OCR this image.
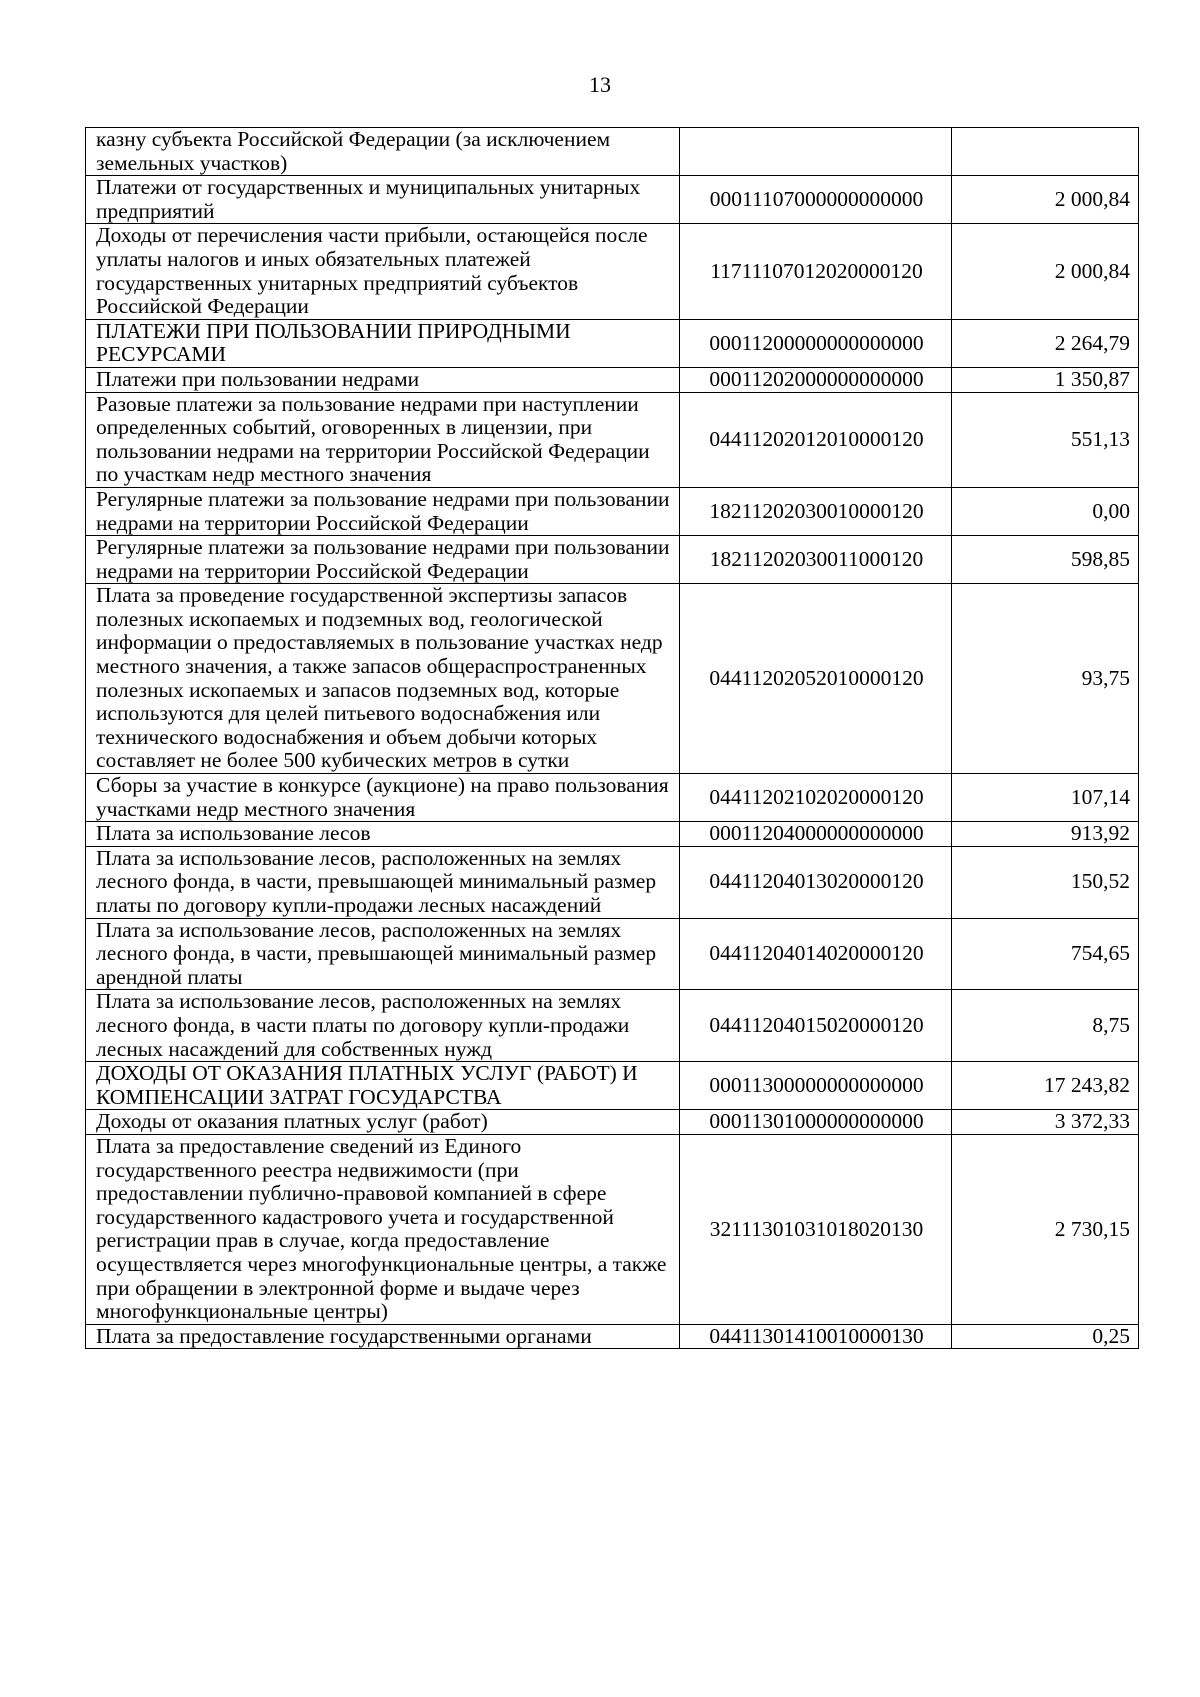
13
казну субъекта Российской Федерации (за исключением земельных участков)		
Платежи от государственных и муниципальных унитарных предприятий	00011107000000000000	2 000,84
Доходы от перечисления части прибыли, остающейся после уплаты налогов и иных обязательных платежей государственных унитарных предприятий субъектов Российской Федерации	11711107012020000120	2 000,84
ПЛАТЕЖИ ПРИ ПОЛЬЗОВАНИИ ПРИРОДНЫМИ РЕСУРСАМИ	00011200000000000000	2 264,79
Платежи при пользовании недрами	00011202000000000000	1 350,87
Разовые платежи за пользование недрами при наступлении определенных событий, оговоренных в лицензии, при пользовании недрами на территории Российской Федерации по участкам недр местного значения	04411202012010000120	551,13
Регулярные платежи за пользование недрами при пользовании недрами на территории Российской Федерации	18211202030010000120	0,00
Регулярные платежи за пользование недрами при пользовании недрами на территории Российской Федерации	18211202030011000120	598,85
Плата за проведение государственной экспертизы запасов полезных ископаемых и подземных вод, геологической информации о предоставляемых в пользование участках недр местного значения, а также запасов общераспространенных полезных ископаемых и запасов подземных вод, которые используются для целей питьевого водоснабжения или технического водоснабжения и объем добычи которых составляет не более 500 кубических метров в сутки	04411202052010000120	93,75
Сборы за участие в конкурсе (аукционе) на право пользования участками недр местного значения	04411202102020000120	107,14
Плата за использование лесов	00011204000000000000	913,92
Плата за использование лесов, расположенных на землях лесного фонда, в части, превышающей минимальный размер платы по договору купли-продажи лесных насаждений	04411204013020000120	150,52
Плата за использование лесов, расположенных на землях лесного фонда, в части, превышающей минимальный размер арендной платы	04411204014020000120	754,65
Плата за использование лесов, расположенных на землях лесного фонда, в части платы по договору купли-продажи лесных насаждений для собственных нужд	04411204015020000120	8,75
ДОХОДЫ ОТ ОКАЗАНИЯ ПЛАТНЫХ УСЛУГ (РАБОТ) И КОМПЕНСАЦИИ ЗАТРАТ ГОСУДАРСТВА	00011300000000000000	17 243,82
Доходы от оказания платных услуг (работ)	00011301000000000000	3 372,33
Плата за предоставление сведений из Единого государственного реестра недвижимости (при предоставлении публично-правовой компанией в сфере государственного кадастрового учета и государственной регистрации прав в случае, когда предоставление осуществляется через многофункциональные центры, а также при обращении в электронной форме и выдаче через многофункциональные центры)	32111301031018020130	2 730,15
Плата за предоставление государственными органами	04411301410010000130	0,25
